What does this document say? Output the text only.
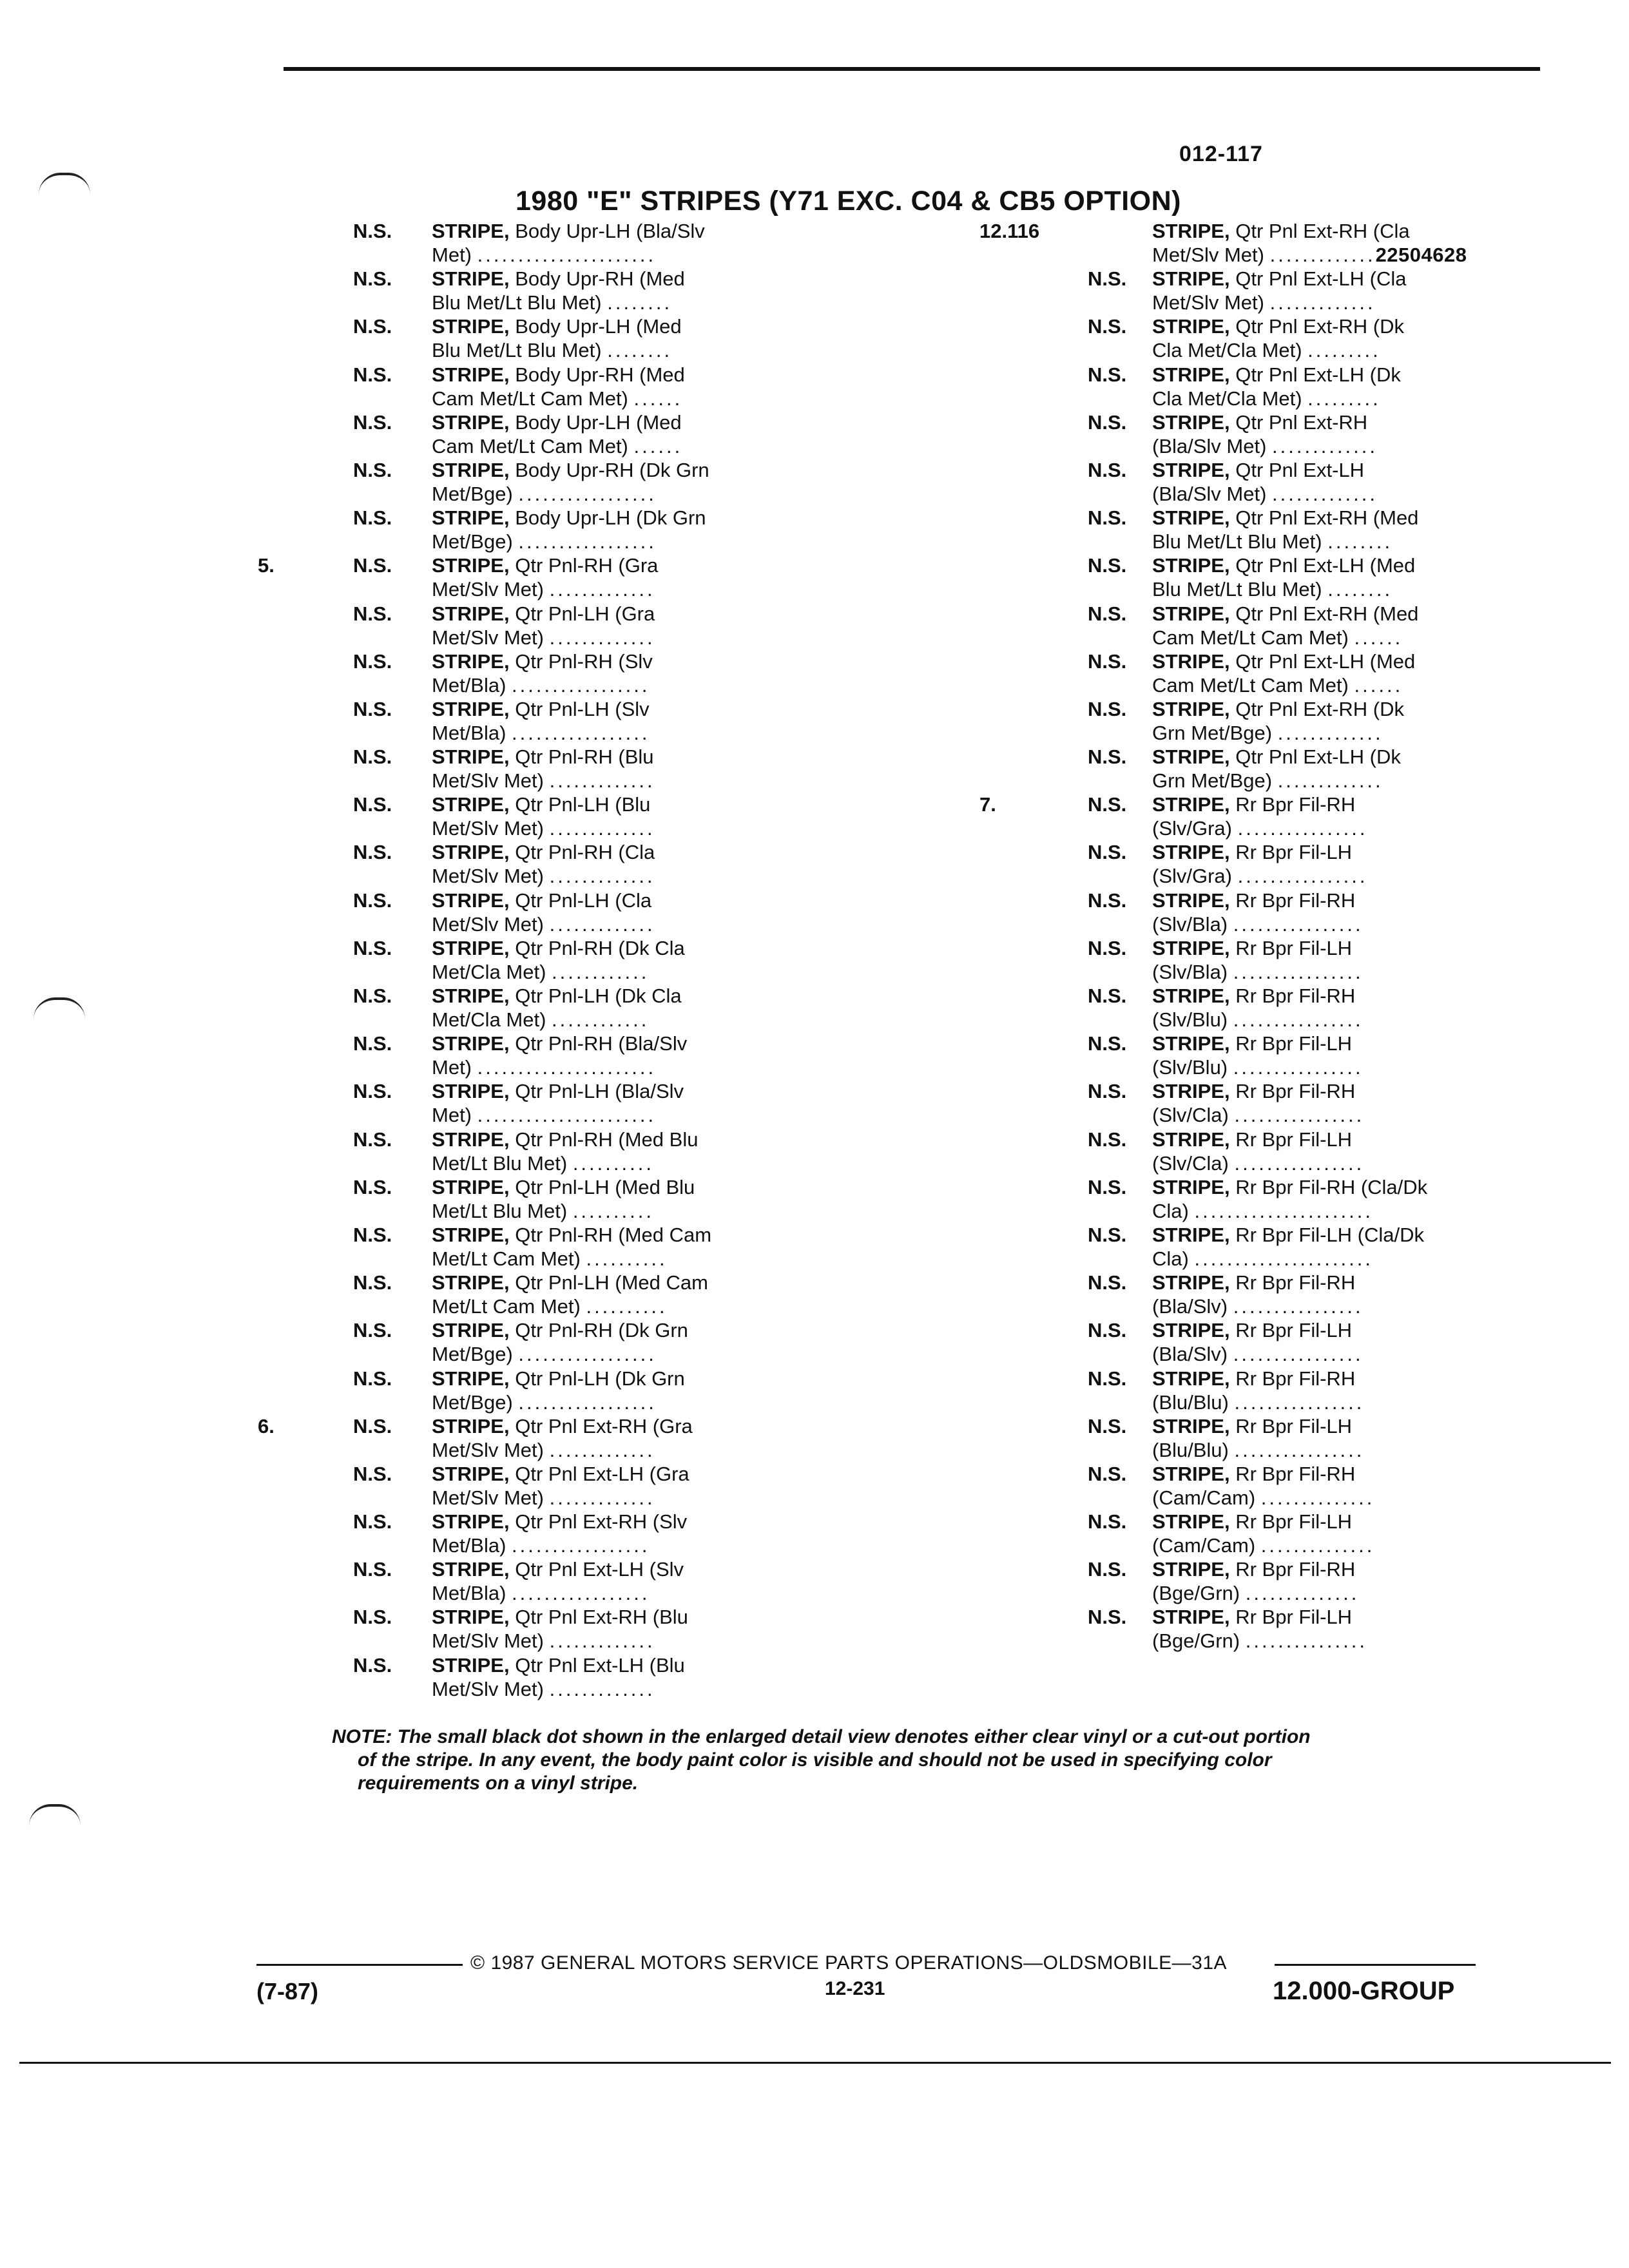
012-117
1980 "E" STRIPES (Y71 EXC. C04 & CB5 OPTION)
N.S.	STRIPE, Body Upr-LH (Bla/Slv
Met) ......................
N.S.	STRIPE, Body Upr-RH (Med
Blu Met/Lt Blu Met) ........
N.S.	STRIPE, Body Upr-LH (Med
Blu Met/Lt Blu Met) ........
N.S.	STRIPE, Body Upr-RH (Med
Cam Met/Lt Cam Met) ......
N.S.	STRIPE, Body Upr-LH (Med
Cam Met/Lt Cam Met) ......
N.S.	STRIPE, Body Upr-RH (Dk Grn
Met/Bge) .................
N.S.	STRIPE, Body Upr-LH (Dk Grn
Met/Bge) .................
5.	N.S.	STRIPE, Qtr Pnl-RH (Gra
Met/Slv Met) .............
N.S.	STRIPE, Qtr Pnl-LH (Gra
Met/Slv Met) .............
N.S.	STRIPE, Qtr Pnl-RH (Slv
Met/Bla) .................
N.S.	STRIPE, Qtr Pnl-LH (Slv
Met/Bla) .................
N.S.	STRIPE, Qtr Pnl-RH (Blu
Met/Slv Met) .............
N.S.	STRIPE, Qtr Pnl-LH (Blu
Met/Slv Met) .............
N.S.	STRIPE, Qtr Pnl-RH (Cla
Met/Slv Met) .............
N.S.	STRIPE, Qtr Pnl-LH (Cla
Met/Slv Met) .............
N.S.	STRIPE, Qtr Pnl-RH (Dk Cla
Met/Cla Met) ............
N.S.	STRIPE, Qtr Pnl-LH (Dk Cla
Met/Cla Met) ............
N.S.	STRIPE, Qtr Pnl-RH (Bla/Slv
Met) ......................
N.S.	STRIPE, Qtr Pnl-LH (Bla/Slv
Met) ......................
N.S.	STRIPE, Qtr Pnl-RH (Med Blu
Met/Lt Blu Met) ..........
N.S.	STRIPE, Qtr Pnl-LH (Med Blu
Met/Lt Blu Met) ..........
N.S.	STRIPE, Qtr Pnl-RH (Med Cam
Met/Lt Cam Met) ..........
N.S.	STRIPE, Qtr Pnl-LH (Med Cam
Met/Lt Cam Met) ..........
N.S.	STRIPE, Qtr Pnl-RH (Dk Grn
Met/Bge) .................
N.S.	STRIPE, Qtr Pnl-LH (Dk Grn
Met/Bge) .................
6.	N.S.	STRIPE, Qtr Pnl Ext-RH (Gra
Met/Slv Met) .............
N.S.	STRIPE, Qtr Pnl Ext-LH (Gra
Met/Slv Met) .............
N.S.	STRIPE, Qtr Pnl Ext-RH (Slv
Met/Bla) .................
N.S.	STRIPE, Qtr Pnl Ext-LH (Slv
Met/Bla) .................
N.S.	STRIPE, Qtr Pnl Ext-RH (Blu
Met/Slv Met) .............
N.S.	STRIPE, Qtr Pnl Ext-LH (Blu
Met/Slv Met) .............
12.116	STRIPE, Qtr Pnl Ext-RH (Cla
Met/Slv Met) .............22504628
N.S.	STRIPE, Qtr Pnl Ext-LH (Cla
Met/Slv Met) .............
N.S.	STRIPE, Qtr Pnl Ext-RH (Dk
Cla Met/Cla Met) .........
N.S.	STRIPE, Qtr Pnl Ext-LH (Dk
Cla Met/Cla Met) .........
N.S.	STRIPE, Qtr Pnl Ext-RH
(Bla/Slv Met) .............
N.S.	STRIPE, Qtr Pnl Ext-LH
(Bla/Slv Met) .............
N.S.	STRIPE, Qtr Pnl Ext-RH (Med
Blu Met/Lt Blu Met) ........
N.S.	STRIPE, Qtr Pnl Ext-LH (Med
Blu Met/Lt Blu Met) ........
N.S.	STRIPE, Qtr Pnl Ext-RH (Med
Cam Met/Lt Cam Met) ......
N.S.	STRIPE, Qtr Pnl Ext-LH (Med
Cam Met/Lt Cam Met) ......
N.S.	STRIPE, Qtr Pnl Ext-RH (Dk
Grn Met/Bge) .............
N.S.	STRIPE, Qtr Pnl Ext-LH (Dk
Grn Met/Bge) .............
7.	N.S.	STRIPE, Rr Bpr Fil-RH
(Slv/Gra) ................
N.S.	STRIPE, Rr Bpr Fil-LH
(Slv/Gra) ................
N.S.	STRIPE, Rr Bpr Fil-RH
(Slv/Bla) ................
N.S.	STRIPE, Rr Bpr Fil-LH
(Slv/Bla) ................
N.S.	STRIPE, Rr Bpr Fil-RH
(Slv/Blu) ................
N.S.	STRIPE, Rr Bpr Fil-LH
(Slv/Blu) ................
N.S.	STRIPE, Rr Bpr Fil-RH
(Slv/Cla) ................
N.S.	STRIPE, Rr Bpr Fil-LH
(Slv/Cla) ................
N.S.	STRIPE, Rr Bpr Fil-RH (Cla/Dk
Cla) ......................
N.S.	STRIPE, Rr Bpr Fil-LH (Cla/Dk
Cla) ......................
N.S.	STRIPE, Rr Bpr Fil-RH
(Bla/Slv) ................
N.S.	STRIPE, Rr Bpr Fil-LH
(Bla/Slv) ................
N.S.	STRIPE, Rr Bpr Fil-RH
(Blu/Blu) ................
N.S.	STRIPE, Rr Bpr Fil-LH
(Blu/Blu) ................
N.S.	STRIPE, Rr Bpr Fil-RH
(Cam/Cam) ..............
N.S.	STRIPE, Rr Bpr Fil-LH
(Cam/Cam) ..............
N.S.	STRIPE, Rr Bpr Fil-RH
(Bge/Grn) ..............
N.S.	STRIPE, Rr Bpr Fil-LH
(Bge/Grn) ...............
NOTE: The small black dot shown in the enlarged detail view denotes either clear vinyl or a cut-out portion
of the stripe. In any event, the body paint color is visible and should not be used in specifying color
requirements on a vinyl stripe.
© 1987 GENERAL MOTORS SERVICE PARTS OPERATIONS—OLDSMOBILE—31A
12-231
(7-87)	12.000-GROUP
